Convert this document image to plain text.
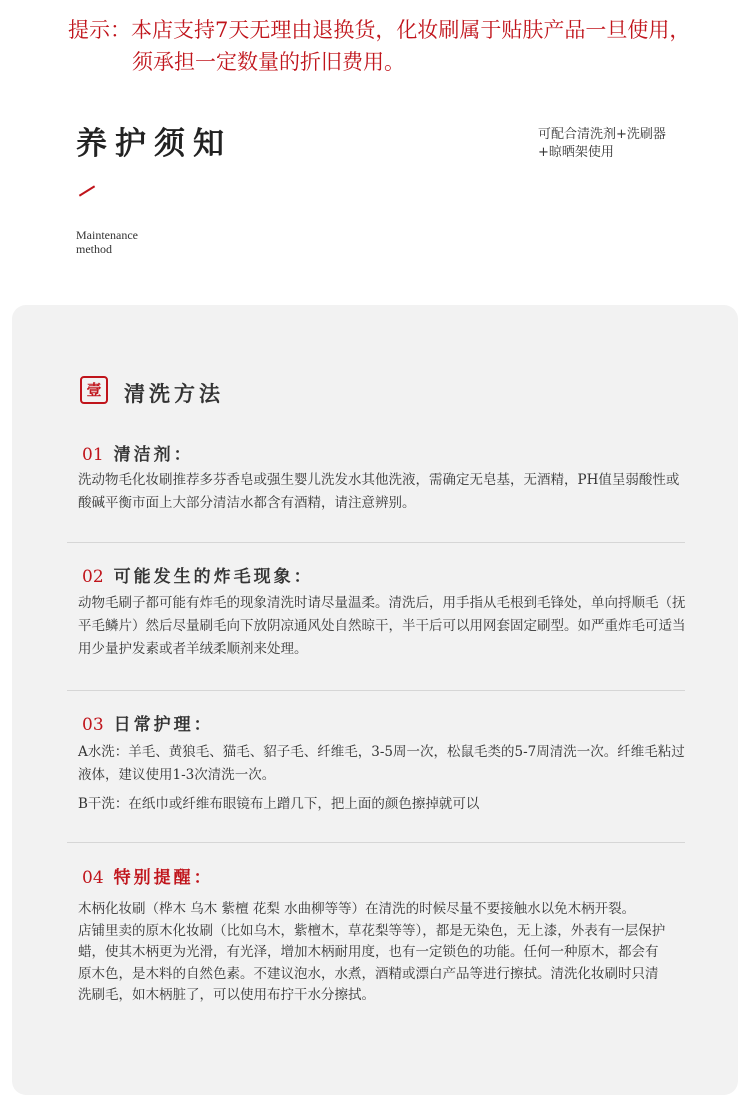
提示：本店支持7天无理由退换货，化妆刷属于贴肤产品一旦使用，
须承担一定数量的折旧费用。
养护须知
Maintenance
method
可配合清洗剂+洗刷器
+晾晒架使用
壹	清洗方法
01 清洁剂：

洗动物毛化妆刷推荐多芬香皂或强生婴儿洗发水其他洗液，需确定无皂基，无酒精，PH值呈弱酸性或酸碱平衡市面上大部分清洁水都含有酒精，请注意辨别。

02 可能发生的炸毛现象：

动物毛刷子都可能有炸毛的现象清洗时请尽量温柔。清洗后，用手指从毛根到毛锋处，单向捋顺毛（抚平毛鳞片）然后尽量刷毛向下放阴凉通风处自然晾干，半干后可以用网套固定刷型。如严重炸毛可适当用少量护发素或者羊绒柔顺剂来处理。

03 日常护理：

A水洗：羊毛、黄狼毛、猫毛、貂子毛、纤维毛，3-5周一次，松鼠毛类的5-7周清洗一次。纤维毛粘过液体，建议使用1-3次清洗一次。

B干洗：在纸巾或纤维布眼镜布上蹭几下，把上面的颜色擦掉就可以

04 特别提醒：

木柄化妆刷（桦木 乌木 紫檀 花梨 水曲柳等等）在清洗的时候尽量不要接触水以免木柄开裂。

店铺里卖的原木化妆刷（比如乌木，紫檀木，草花梨等等），都是无染色，无上漆，外表有一层保护蜡，使其木柄更为光滑，有光泽，增加木柄耐用度，也有一定锁色的功能。任何一种原木，都会有原木色，是木料的自然色素。不建议泡水，水煮，酒精或漂白产品等进行擦拭。清洗化妆刷时只清洗刷毛，如木柄脏了，可以使用布拧干水分擦拭。
